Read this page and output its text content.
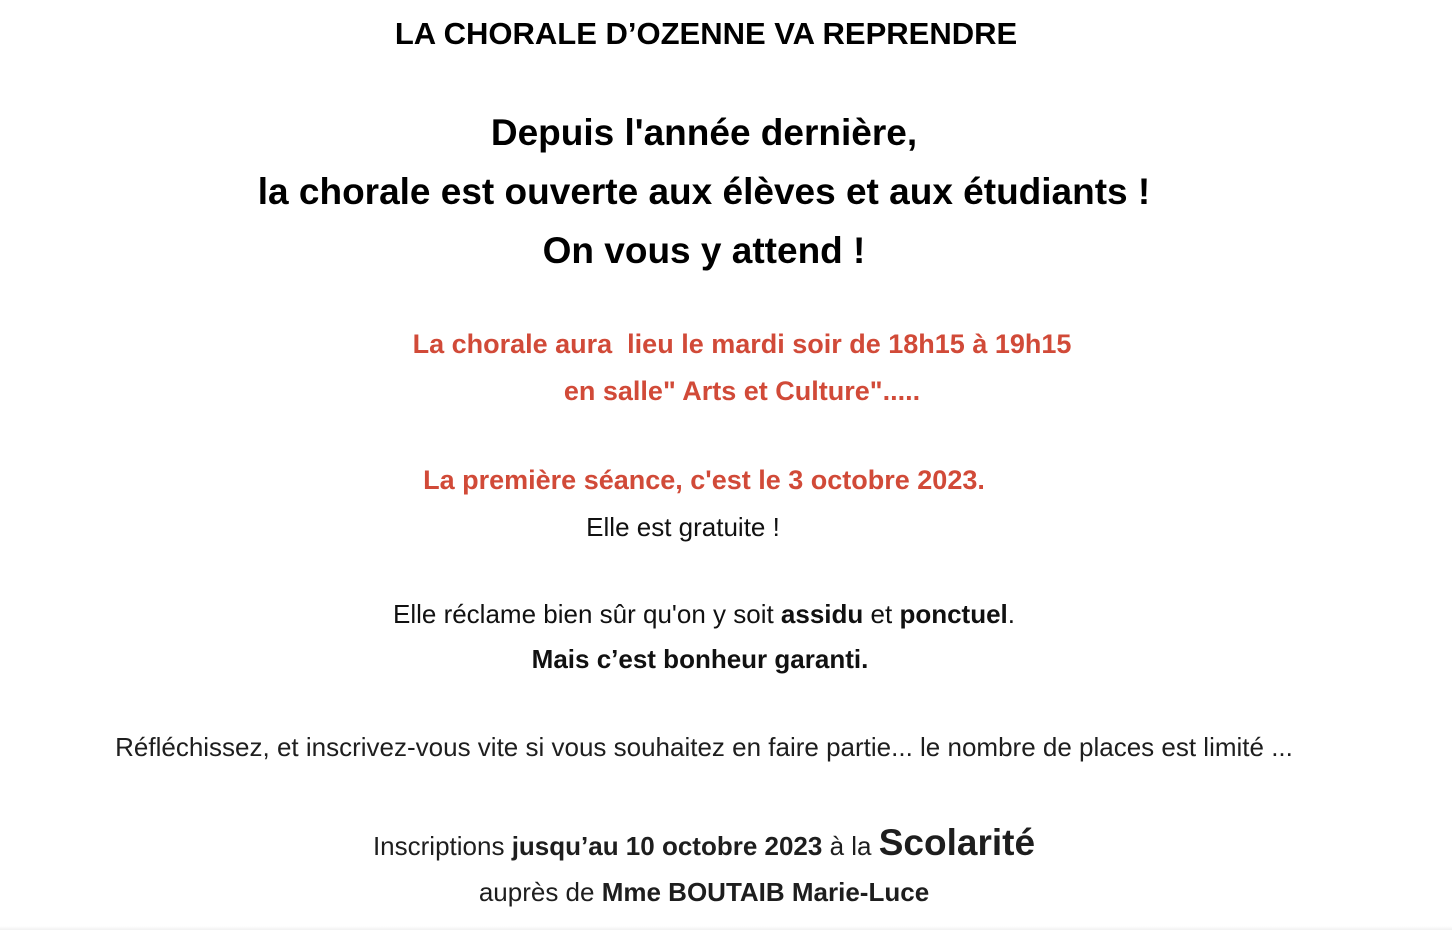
LA CHORALE D’OZENNE VA REPRENDRE
Depuis l'année dernière,
la chorale est ouverte aux élèves et aux étudiants !
On vous y attend !
La chorale aura  lieu le mardi soir de 18h15 à 19h15
en salle" Arts et Culture".....
La première séance, c'est le 3 octobre 2023.
Elle est gratuite !
Elle réclame bien sûr qu'on y soit assidu et ponctuel.
Mais c’est bonheur garanti.
Réfléchissez, et inscrivez-vous vite si vous souhaitez en faire partie... le nombre de places est limité ...
Inscriptions jusqu’au 10 octobre 2023 à la Scolarité
auprès de Mme BOUTAIB Marie-Luce
